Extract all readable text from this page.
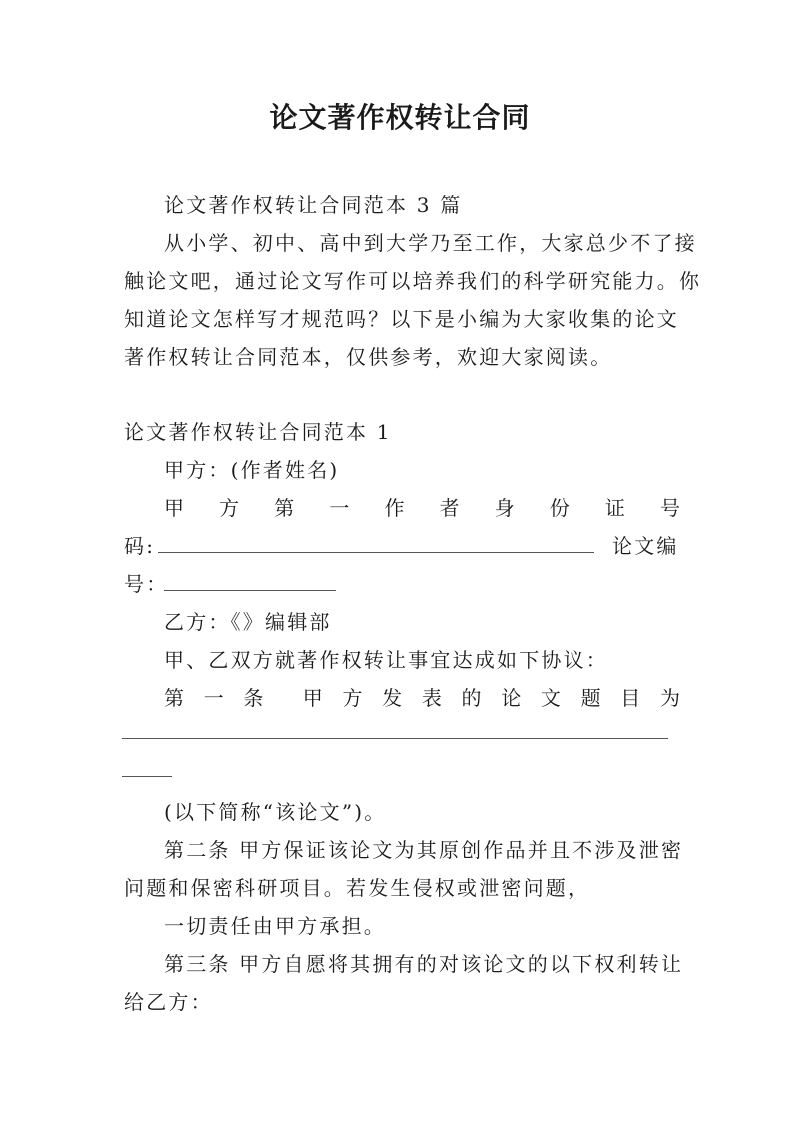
论文著作权转让合同
论文著作权转让合同范本 3 篇
从小学、初中、高中到大学乃至工作，大家总少不了接
触论文吧，通过论文写作可以培养我们的科学研究能力。你
知道论文怎样写才规范吗？以下是小编为大家收集的论文
著作权转让合同范本，仅供参考，欢迎大家阅读。
论文著作权转让合同范本 1
甲方：(作者姓名)
甲 方 第 一 作 者 身 份 证 号
码:	论文编
号：
乙方：《》编辑部
甲、乙双方就著作权转让事宜达成如下协议：
第 一 条 甲 方 发 表 的 论 文 题 目 为
(以下简称“该论文”)。
第二条 甲方保证该论文为其原创作品并且不涉及泄密
问题和保密科研项目。若发生侵权或泄密问题，
一切责任由甲方承担。
第三条 甲方自愿将其拥有的对该论文的以下权利转让
给乙方：
